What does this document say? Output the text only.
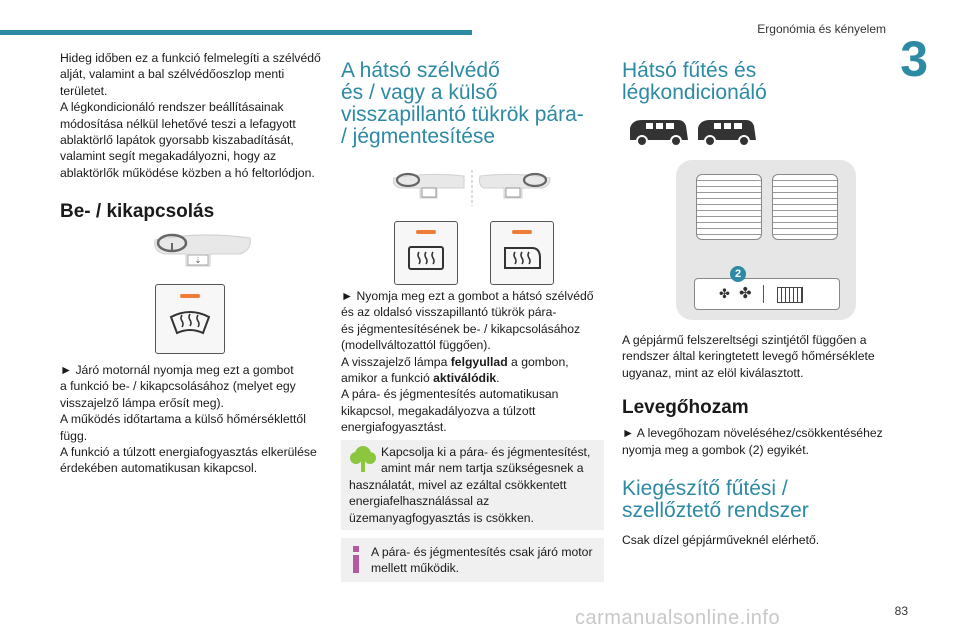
Ergonómia és kényelem
3

Hideg időben ez a funkció felmelegíti a szélvédő
alját, valamint a bal szélvédőoszlop menti
területet.
A légkondicionáló rendszer beállításainak
módosítása nélkül lehetővé teszi a lefagyott
ablaktörlő lapátok gyorsabb kiszabadítását,
valamint segít megakadályozni, hogy az
ablaktörlők működése közben a hó feltorlódjon.

Be- / kikapcsolás
⇣

► Járó motornál nyomja meg ezt a gombot
a funkció be- / kikapcsolásához (melyet egy
visszajelző lámpa erősít meg).
A működés időtartama a külső hőmérséklettől
függ.
A funkció a túlzott energiafogyasztás elkerülése
érdekében automatikusan kikapcsol.

A hátsó szélvédő
és / vagy a külső
visszapillantó tükrök pára-
/ jégmentesítése

► Nyomja meg ezt a gombot a hátsó szélvédő
és az oldalsó visszapillantó tükrök pára-
és jégmentesítésének be- / kikapcsolásához
(modellváltozattól függően).
A visszajelző lámpa felgyullad a gombon,
amikor a funkció aktiválódik.
A pára- és jégmentesítés automatikusan
kikapcsol, megakadályozva a túlzott
energiafogyasztást.

Kapcsolja ki a pára- és jégmentesítést,
amint már nem tartja szükségesnek a
használatát, mivel az ezáltal csökkentett
energiafelhasználással az
üzemanyagfogyasztás is csökken.

A pára- és jégmentesítés csak járó motor
mellett működik.

Hátsó fűtés és
légkondicionáló
✤ ✤
2

A gépjármű felszereltségi szintjétől függően a
rendszer által keringtetett levegő hőmérséklete
ugyanaz, mint az elöl kiválasztott.

Levegőhozam

► A levegőhozam növeléséhez/csökkentéséhez
nyomja meg a gombok (2) egyikét.

Kiegészítő fűtési /
szellőztető rendszer

Csak dízel gépjárműveknél elérhető.

carmanualsonline.info	83
